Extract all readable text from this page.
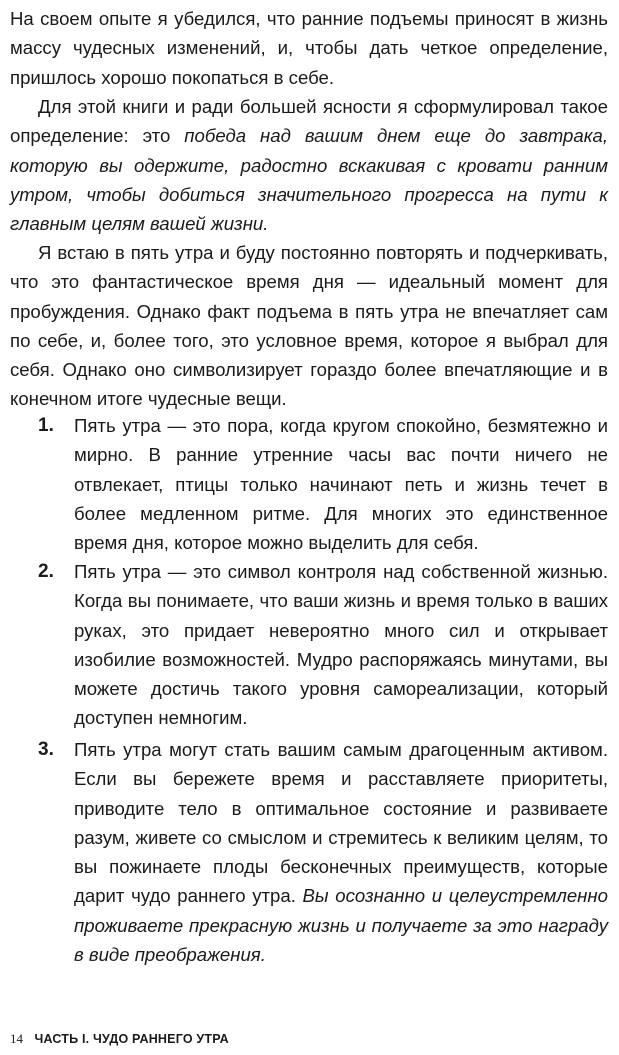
На своем опыте я убедился, что ранние подъемы приносят в жизнь массу чудесных изменений, и, чтобы дать четкое определение, пришлось хорошо покопаться в себе.

Для этой книги и ради большей ясности я сформулировал такое определение: это победа над вашим днем еще до завтрака, которую вы одержите, радостно вскакивая с кровати ранним утром, чтобы добиться значительного прогресса на пути к главным целям вашей жизни.

Я встаю в пять утра и буду постоянно повторять и подчеркивать, что это фантастическое время дня — идеальный момент для пробуждения. Однако факт подъема в пять утра не впечатляет сам по себе, и, более того, это условное время, которое я выбрал для себя. Однако оно символизирует гораздо более впечатляющие и в конечном итоге чудесные вещи.

1.	Пять утра — это пора, когда кругом спокойно, безмятежно и мирно. В ранние утренние часы вас почти ничего не отвлекает, птицы только начинают петь и жизнь течет в более медленном ритме. Для многих это единственное время дня, которое можно выделить для себя.
2.	Пять утра — это символ контроля над собственной жизнью. Когда вы понимаете, что ваши жизнь и время только в ваших руках, это придает невероятно много сил и открывает изобилие возможностей. Мудро распоряжаясь минутами, вы можете достичь такого уровня самореализации, который доступен немногим.
3.	Пять утра могут стать вашим самым драгоценным активом. Если вы бережете время и расставляете приоритеты, приводите тело в оптимальное состояние и развиваете разум, живете со смыслом и стремитесь к великим целям, то вы пожинаете плоды бесконечных преимуществ, которые дарит чудо раннего утра. Вы осознанно и целеустремленно проживаете прекрасную жизнь и получаете за это награду в виде преображения.
14 ЧАСТЬ I. ЧУДО РАННЕГО УТРА
